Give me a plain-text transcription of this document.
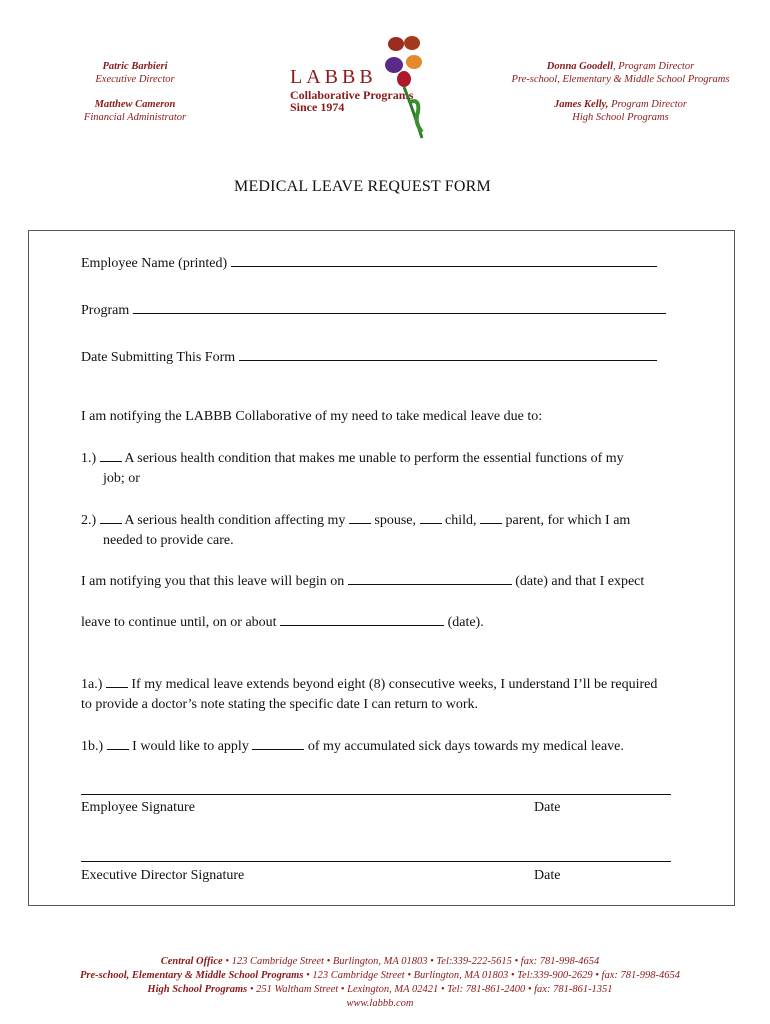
Patric Barbieri
Executive Director
Matthew Cameron
Financial Administrator
LABBB
Collaborative Programs
Since 1974
Donna Goodell, Program Director
Pre-school, Elementary & Middle School Programs
James Kelly, Program Director
High School Programs
MEDICAL LEAVE REQUEST FORM
Employee Name (printed)
Program
Date Submitting This Form
I am notifying the LABBB Collaborative of my need to take medical leave due to:
1.) A serious health condition that makes me unable to perform the essential functions of my
job; or
2.) A serious health condition affecting my spouse, child, parent, for which I am
needed to provide care.
I am notifying you that this leave will begin on	(date) and that I expect
leave to continue until, on or about	(date).
1a.) If my medical leave extends beyond eight (8) consecutive weeks, I understand I’ll be required
to provide a doctor’s note stating the specific date I can return to work.
1b.) I would like to apply	of my accumulated sick days towards my medical leave.
Employee Signature	Date
Executive Director Signature	Date
Central Office • 123 Cambridge Street • Burlington, MA 01803 • Tel:339-222-5615 • fax: 781-998-4654
Pre-school, Elementary & Middle School Programs • 123 Cambridge Street • Burlington, MA 01803 • Tel:339-900-2629 • fax: 781-998-4654
High School Programs • 251 Waltham Street • Lexington, MA 02421 • Tel: 781-861-2400 • fax: 781-861-1351
www.labbb.com
